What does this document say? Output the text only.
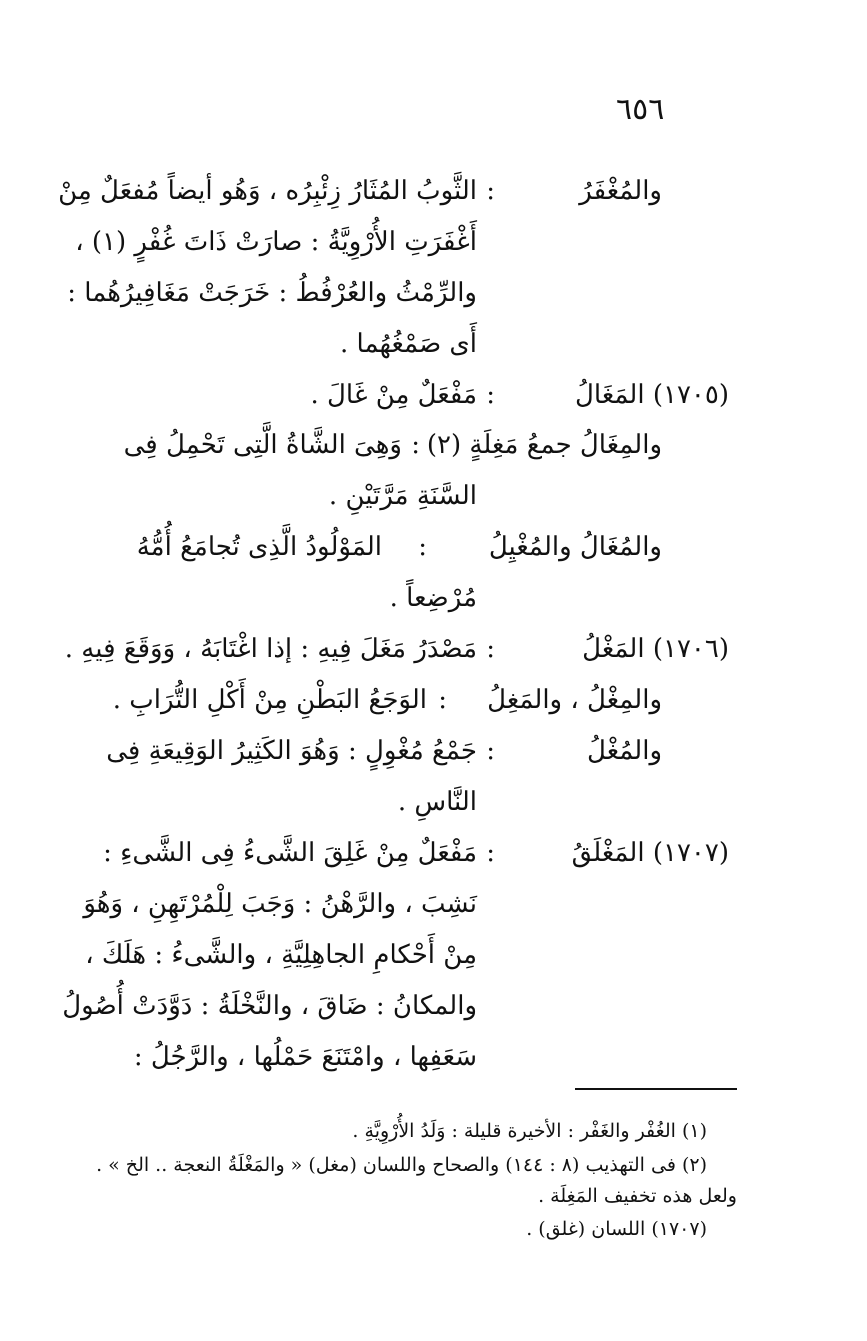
٦٥٦
والمُغْفَرُ
:
الثَّوبُ المُثَارُ زِئْبِرُه ، وَهُو أيضاً مُفعَلٌ مِنْ
أَغْفَرَتِ الأُرْوِيَّةُ : صارَتْ ذَاتَ غُفْرٍ (١) ،
والرِّمْثُ والعُرْفُطُ : خَرَجَتْ مَغَافِيرُهُما :
أَى صَمْغُهُما .
(١٧٠٥) المَغَالُ
:
مَفْعَلٌ مِنْ غَالَ .
والمِغَالُ جمعُ مَغِلَةٍ (٢)
:
وَهِىَ الشَّاةُ الَّتِى تَحْمِلُ فِى
السَّنَةِ مَرَّتَيْنِ .
والمُغَالُ والمُغْيِلُ
:
المَوْلُودُ الَّذِى تُجامَعُ أُمُّهُ
مُرْضِعاً .
(١٧٠٦) المَغْلُ
:
مَصْدَرُ مَغَلَ فِيهِ : إذا اغْتَابَهُ ، وَوَقَعَ فِيهِ .
والمِغْلُ ، والمَغِلُ
:
الوَجَعُ البَطْنِ مِنْ أَكْلِ التُّرَابِ .
والمُغْلُ
:
جَمْعُ مُغْوِلٍ : وَهُوَ الكَثِيرُ الوَقِيعَةِ فِى
النَّاسِ .
(١٧٠٧) المَغْلَقُ
:
مَفْعَلٌ مِنْ غَلِقَ الشَّىءُ فِى الشَّىءِ :
نَشِبَ ، والرَّهْنُ : وَجَبَ لِلْمُرْتَهِنِ ، وَهُوَ
مِنْ أَحْكامِ الجاهِلِيَّةِ ، والشَّىءُ : هَلَكَ ،
والمكانُ : ضَاقَ ، والنَّخْلَةُ : دَوَّدَتْ أُصُولُ
سَعَفِها ، وامْتَنَعَ حَمْلُها ، والرَّجُلُ :
(١) الغُفْر والغَفْر : الأخيرة قليلة : وَلَدُ الأُرْوِيَّةِ .
(٢) فى التهذيب (٨ : ١٤٤) والصحاح واللسان (مغل) « والمَغْلَةُ النعجة .. الخ » .
ولعل هذه تخفيف المَغِلَة .
(١٧٠٧) اللسان (غلق) .
